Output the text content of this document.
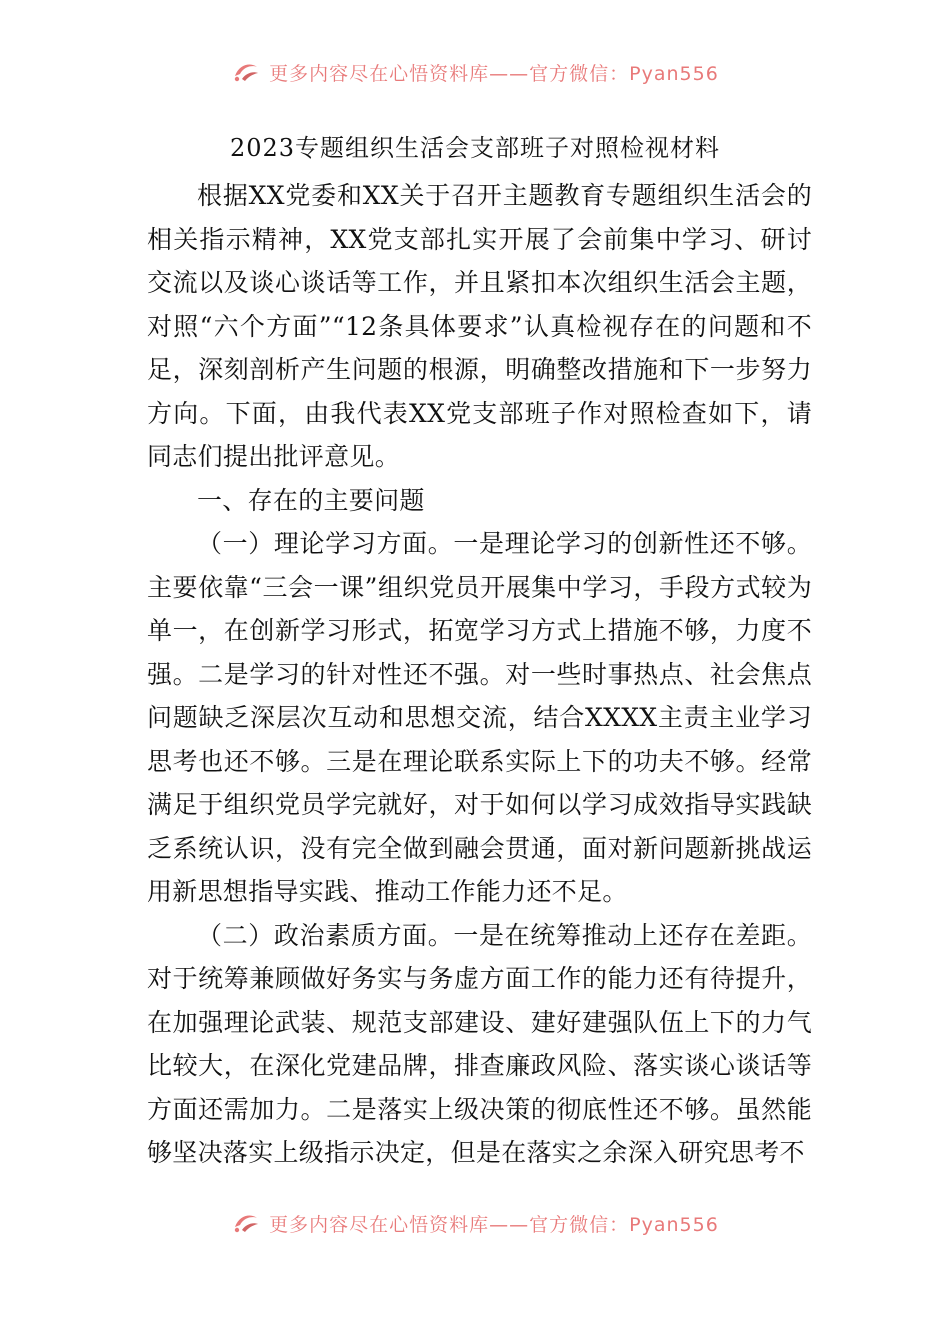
更多内容尽在心悟资料库——官方微信：Pyan556
2023专题组织生活会支部班子对照检视材料

根据XX党委和XX关于召开主题教育专题组织生活会的相关指示精神，XX党支部扎实开展了会前集中学习、研讨交流以及谈心谈话等工作，并且紧扣本次组织生活会主题，对照“六个方面”“12条具体要求”认真检视存在的问题和不足，深刻剖析产生问题的根源，明确整改措施和下一步努力方向。下面，由我代表XX党支部班子作对照检查如下，请同志们提出批评意见。

一、存在的主要问题

（一）理论学习方面。一是理论学习的创新性还不够。主要依靠“三会一课”组织党员开展集中学习，手段方式较为单一，在创新学习形式，拓宽学习方式上措施不够，力度不强。二是学习的针对性还不强。对一些时事热点、社会焦点问题缺乏深层次互动和思想交流，结合XXXX主责主业学习思考也还不够。三是在理论联系实际上下的功夫不够。经常满足于组织党员学完就好，对于如何以学习成效指导实践缺乏系统认识，没有完全做到融会贯通，面对新问题新挑战运用新思想指导实践、推动工作能力还不足。

（二）政治素质方面。一是在统筹推动上还存在差距。对于统筹兼顾做好务实与务虚方面工作的能力还有待提升，在加强理论武装、规范支部建设、建好建强队伍上下的力气比较大，在深化党建品牌，排查廉政风险、落实谈心谈话等方面还需加力。二是落实上级决策的彻底性还不够。虽然能够坚决落实上级指示决定，但是在落实之余深入研究思考不

更多内容尽在心悟资料库——官方微信：Pyan556
